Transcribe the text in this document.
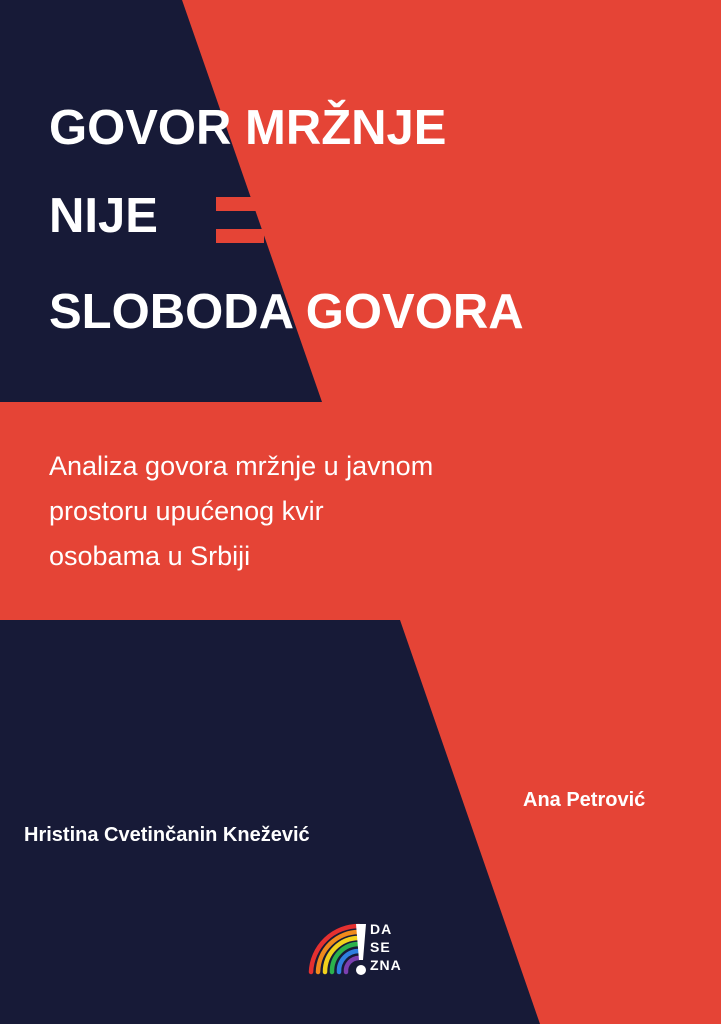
GOVOR MRŽNJE
NIJE
SLOBODA GOVORA
Analiza govora mržnje u javnom
prostoru upućenog kvir
osobama u Srbiji
Ana Petrović
Hristina Cvetinčanin Knežević
DA
SE
ZNA
